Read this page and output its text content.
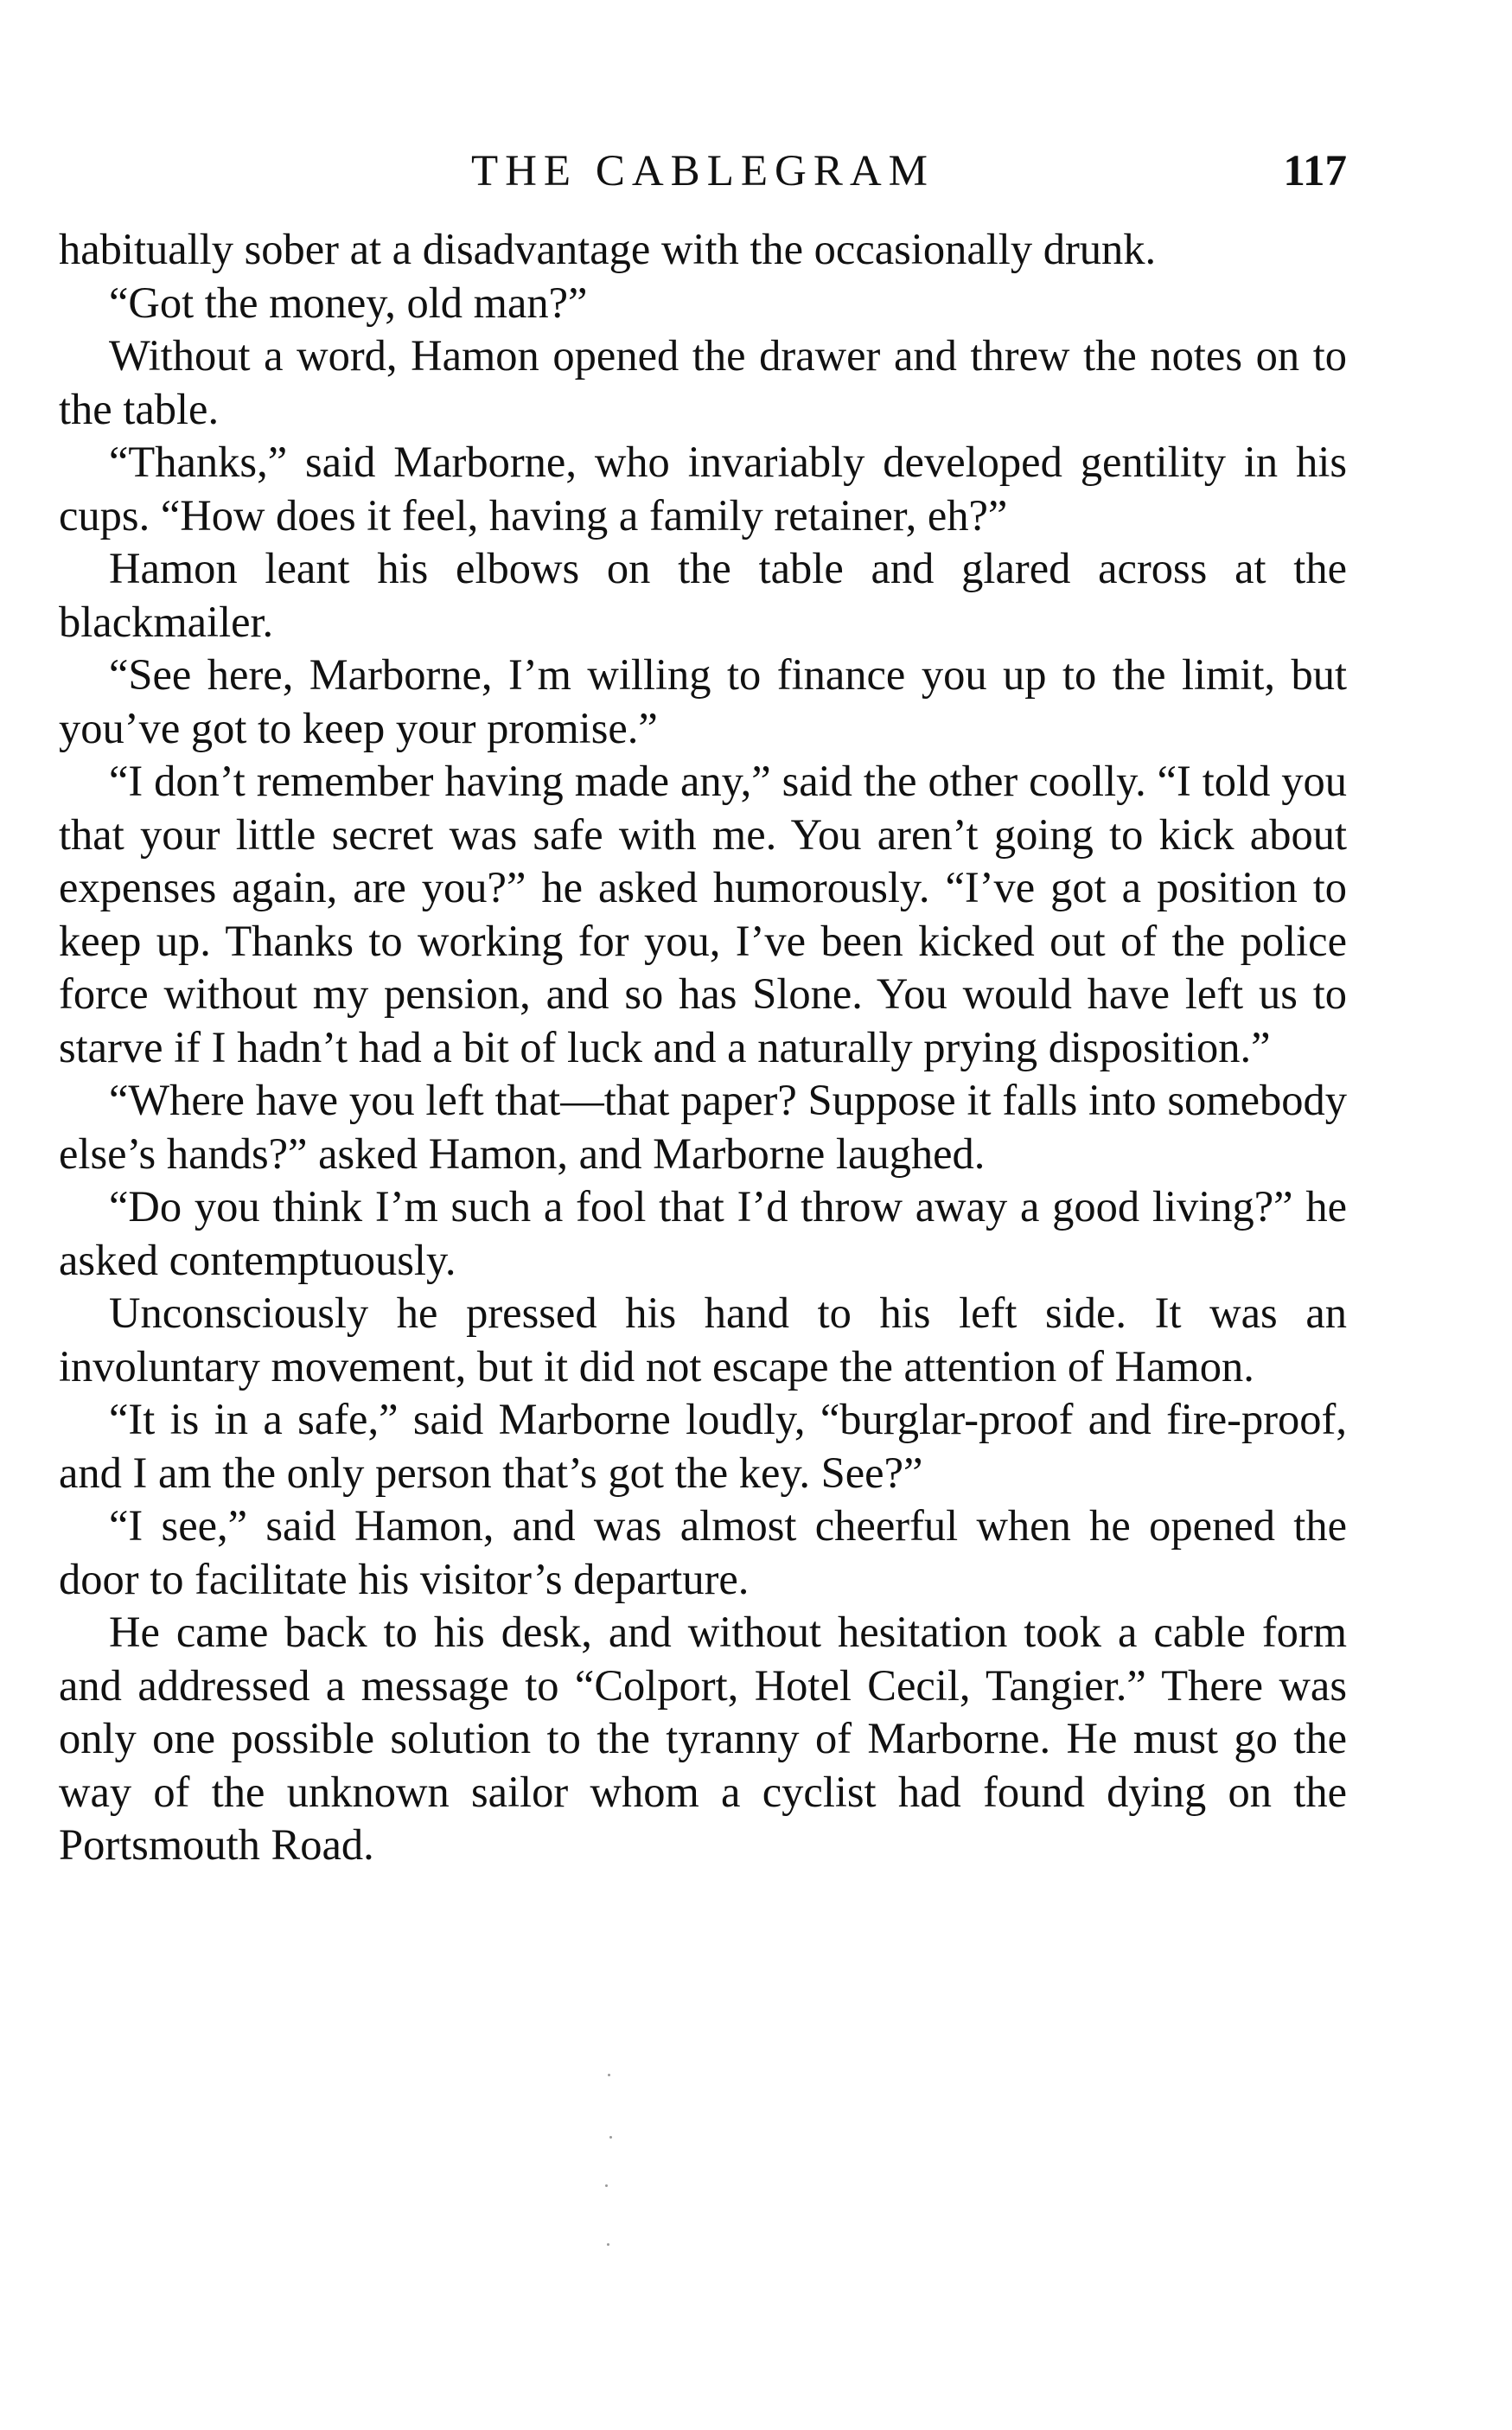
THE CABLEGRAM	117

habitually sober at a disadvantage with the occasionally drunk.

“Got the money, old man?”

Without a word, Hamon opened the drawer and threw the notes on to the table.

“Thanks,” said Marborne, who invariably developed gentility in his cups. “How does it feel, having a family retainer, eh?”

Hamon leant his elbows on the table and glared across at the blackmailer.

“See here, Marborne, I’m willing to finance you up to the limit, but you’ve got to keep your promise.”

“I don’t remember having made any,” said the other coolly. “I told you that your little secret was safe with me. You aren’t going to kick about expenses again, are you?” he asked humorously. “I’ve got a position to keep up. Thanks to working for you, I’ve been kicked out of the police force without my pension, and so has Slone. You would have left us to starve if I hadn’t had a bit of luck and a naturally prying disposition.”

“Where have you left that—that paper? Suppose it falls into somebody else’s hands?” asked Hamon, and Marborne laughed.

“Do you think I’m such a fool that I’d throw away a good living?” he asked contemptuously.

Unconsciously he pressed his hand to his left side. It was an involuntary movement, but it did not escape the attention of Hamon.

“It is in a safe,” said Marborne loudly, “burglar-proof and fire-proof, and I am the only person that’s got the key. See?”

“I see,” said Hamon, and was almost cheerful when he opened the door to facilitate his visitor’s departure.

He came back to his desk, and without hesitation took a cable form and addressed a message to “Colport, Hotel Cecil, Tangier.” There was only one possible solution to the tyranny of Marborne. He must go the way of the unknown sailor whom a cyclist had found dying on the Portsmouth Road.
